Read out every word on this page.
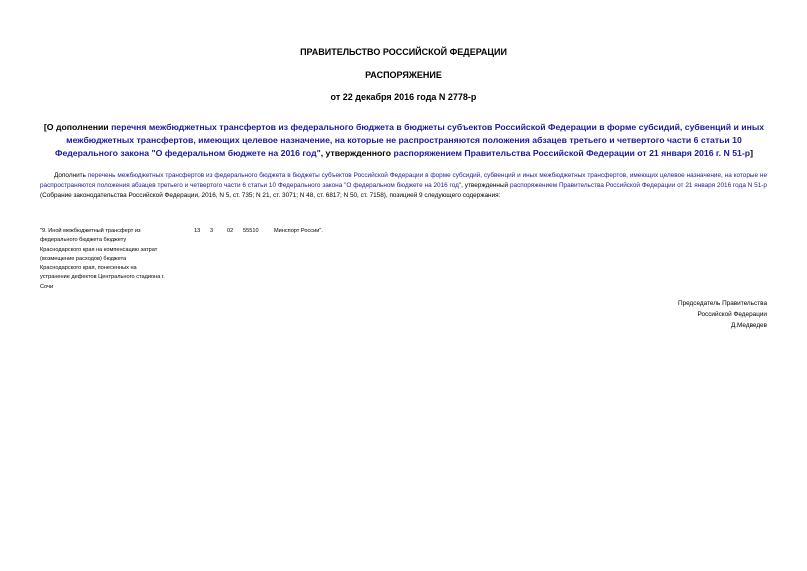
ПРАВИТЕЛЬСТВО РОССИЙСКОЙ ФЕДЕРАЦИИ
РАСПОРЯЖЕНИЕ
от 22 декабря 2016 года N 2778-р
[О дополнении перечня межбюджетных трансфертов из федерального бюджета в бюджеты субъектов Российской Федерации в форме субсидий, субвенций и иных межбюджетных трансфертов, имеющих целевое назначение, на которые не распространяются положения абзацев третьего и четвертого части 6 статьи 10 Федерального закона "О федеральном бюджете на 2016 год", утвержденного распоряжением Правительства Российской Федерации от 21 января 2016 г. N 51-р]
Дополнить перечень межбюджетных трансфертов из федерального бюджета в бюджеты субъектов Российской Федерации в форме субсидий, субвенций и иных межбюджетных трансфертов, имеющих целевое назначение, на которые не распространяются положения абзацев третьего и четвертого части 6 статьи 10 Федерального закона "О федеральном бюджете на 2016 год", утвержденный распоряжением Правительства Российской Федерации от 21 января 2016 года N 51-р (Собрание законодательства Российской Федерации, 2016, N 5, ст. 735; N 21, ст. 3071; N 48, ст. 6817; N 50, ст. 7158), позицией 9 следующего содержания:
"9. Иной межбюджетный трансферт из федерального бюджета бюджету Краснодарского края на компенсацию затрат (возмещение расходов) бюджета Краснодарского края, понесенных на устранение дефектов Центрального стадиона г. Сочи
13 3 02 55510	Минспорт России".
Председатель Правительства
Российской Федерации
Д.Медведев
